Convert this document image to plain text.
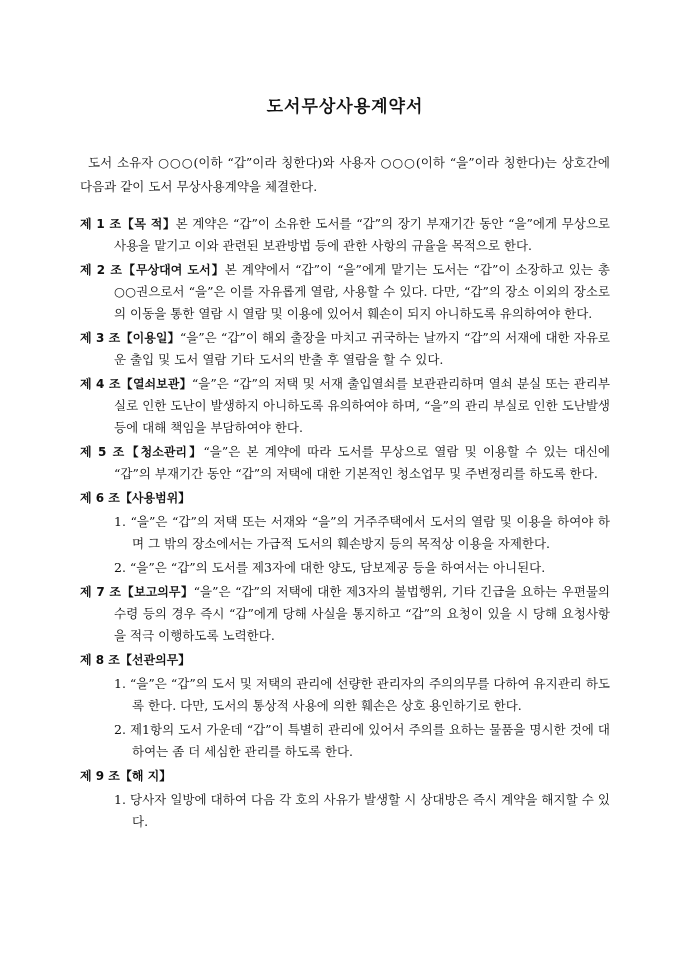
도서무상사용계약서

도서 소유자 ○○○(이하 “갑”이라 칭한다)와 사용자 ○○○(이하 “을”이라 칭한다)는 상호간에 다음과 같이 도서 무상사용계약을 체결한다.

제 1 조【목 적】본 계약은 “갑”이 소유한 도서를 “갑”의 장기 부재기간 동안 “을”에게 무상으로 사용을 맡기고 이와 관련된 보관방법 등에 관한 사항의 규율을 목적으로 한다.

제 2 조【무상대여 도서】본 계약에서 “갑”이 “을”에게 맡기는 도서는 “갑”이 소장하고 있는 총 ○○권으로서 “을”은 이를 자유롭게 열람, 사용할 수 있다. 다만, “갑”의 장소 이외의 장소로의 이동을 통한 열람 시 열람 및 이용에 있어서 훼손이 되지 아니하도록 유의하여야 한다.

제 3 조【이용일】“을”은 “갑”이 해외 출장을 마치고 귀국하는 날까지 “갑”의 서재에 대한 자유로운 출입 및 도서 열람 기타 도서의 반출 후 열람을 할 수 있다.

제 4 조【열쇠보관】“을”은 “갑”의 저택 및 서재 출입열쇠를 보관관리하며 열쇠 분실 또는 관리부실로 인한 도난이 발생하지 아니하도록 유의하여야 하며, “을”의 관리 부실로 인한 도난발생 등에 대해 책임을 부담하여야 한다.

제 5 조【청소관리】“을”은 본 계약에 따라 도서를 무상으로 열람 및 이용할 수 있는 대신에 “갑”의 부재기간 동안 “갑”의 저택에 대한 기본적인 청소업무 및 주변정리를 하도록 한다.

제 6 조【사용범위】

1. “을”은 “갑”의 저택 또는 서재와 “을”의 거주주택에서 도서의 열람 및 이용을 하여야 하며 그 밖의 장소에서는 가급적 도서의 훼손방지 등의 목적상 이용을 자제한다.

2. “을”은 “갑”의 도서를 제3자에 대한 양도, 담보제공 등을 하여서는 아니된다.

제 7 조【보고의무】“을”은 “갑”의 저택에 대한 제3자의 불법행위, 기타 긴급을 요하는 우편물의 수령 등의 경우 즉시 “갑”에게 당해 사실을 통지하고 “갑”의 요청이 있을 시 당해 요청사항을 적극 이행하도록 노력한다.

제 8 조【선관의무】

1. “을”은 “갑”의 도서 및 저택의 관리에 선량한 관리자의 주의의무를 다하여 유지관리 하도록 한다. 다만, 도서의 통상적 사용에 의한 훼손은 상호 용인하기로 한다.

2. 제1항의 도서 가운데 “갑”이 특별히 관리에 있어서 주의를 요하는 물품을 명시한 것에 대하여는 좀 더 세심한 관리를 하도록 한다.

제 9 조【해 지】

1. 당사자 일방에 대하여 다음 각 호의 사유가 발생할 시 상대방은 즉시 계약을 해지할 수 있다.
